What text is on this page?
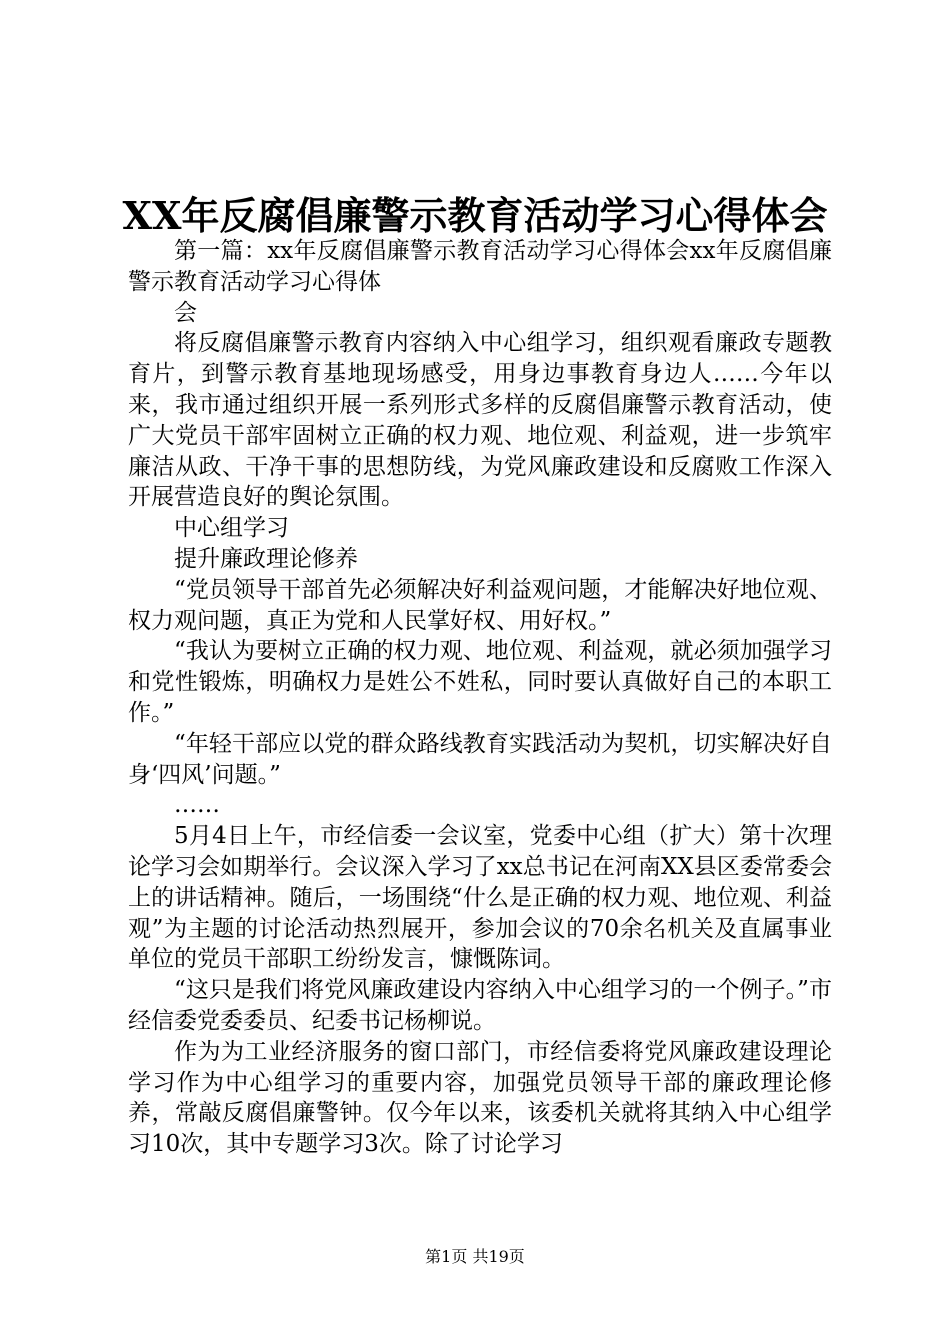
XX年反腐倡廉警示教育活动学习心得体会

第一篇：xx年反腐倡廉警示教育活动学习心得体会xx年反腐倡廉警示教育活动学习心得体

会

将反腐倡廉警示教育内容纳入中心组学习，组织观看廉政专题教育片，到警示教育基地现场感受，用身边事教育身边人……今年以来，我市通过组织开展一系列形式多样的反腐倡廉警示教育活动，使广大党员干部牢固树立正确的权力观、地位观、利益观，进一步筑牢廉洁从政、干净干事的思想防线，为党风廉政建设和反腐败工作深入开展营造良好的舆论氛围。

中心组学习

提升廉政理论修养

“党员领导干部首先必须解决好利益观问题，才能解决好地位观、权力观问题，真正为党和人民掌好权、用好权。”

“我认为要树立正确的权力观、地位观、利益观，就必须加强学习和党性锻炼，明确权力是姓公不姓私，同时要认真做好自己的本职工作。”

“年轻干部应以党的群众路线教育实践活动为契机，切实解决好自身‘四风’问题。”

……

5月4日上午，市经信委一会议室，党委中心组（扩大）第十次理论学习会如期举行。会议深入学习了xx总书记在河南XX县区委常委会上的讲话精神。随后，一场围绕“什么是正确的权力观、地位观、利益观”为主题的讨论活动热烈展开，参加会议的70余名机关及直属事业单位的党员干部职工纷纷发言，慷慨陈词。

“这只是我们将党风廉政建设内容纳入中心组学习的一个例子。”市经信委党委委员、纪委书记杨柳说。

作为为工业经济服务的窗口部门，市经信委将党风廉政建设理论学习作为中心组学习的重要内容，加强党员领导干部的廉政理论修养，常敲反腐倡廉警钟。仅今年以来，该委机关就将其纳入中心组学习10次，其中专题学习3次。除了讨论学习

第1页 共19页
